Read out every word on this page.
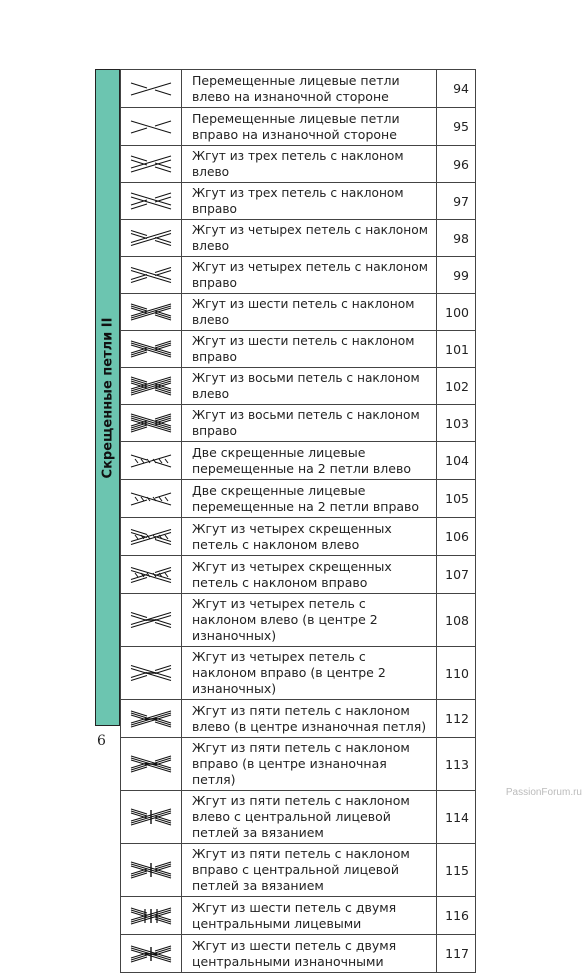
Скрещенные петли II
	Перемещенные лицевые петли влево на изнаночной стороне	94

	Перемещенные лицевые петли вправо на изнаночной стороне	95

	Жгут из трех петель с наклоном влево	96

	Жгут из трех петель с наклоном вправо	97

	Жгут из четырех петель с наклоном влево	98

	Жгут из четырех петель с наклоном вправо	99

	Жгут из шести петель с наклоном влево	100

	Жгут из шести петель с наклоном вправо	101

	Жгут из восьми петель с наклоном влево	102

	Жгут из восьми петель с наклоном вправо	103

	Две скрещенные лицевые перемещенные на 2 петли влево	104

	Две скрещенные лицевые перемещенные на 2 петли вправо	105

	Жгут из четырех скрещенных петель с наклоном влево	106

	Жгут из четырех скрещенных петель с наклоном вправо	107

	Жгут из четырех петель с наклоном влево (в центре 2 изнаночных)	108

	Жгут из четырех петель с наклоном вправо (в центре 2 изнаночных)	110

	Жгут из пяти петель с наклоном влево (в центре изнаночная петля)	112

	Жгут из пяти петель с наклоном вправо (в центре изнаночная петля)	113

	Жгут из пяти петель с наклоном влево с центральной лицевой петлей за вязанием	114

	Жгут из пяти петель с наклоном вправо с центральной лицевой петлей за вязанием	115

	Жгут из шести петель с двумя центральными лицевыми	116

	Жгут из шести петель с двумя центральными изнаночными	117
6
PassionForum.ru
